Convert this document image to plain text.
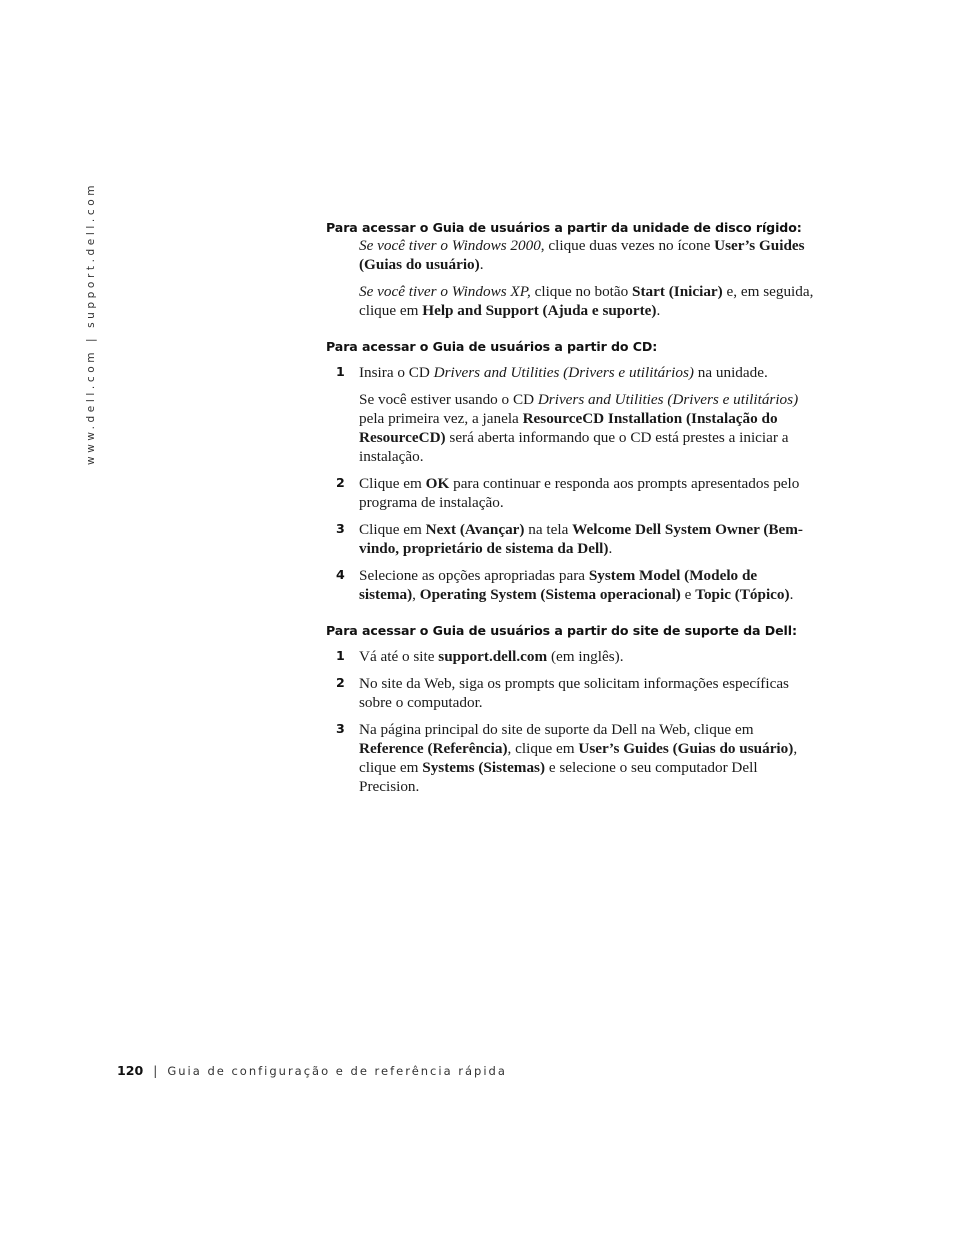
www.dell.com | support.dell.com	Para acessar o Guia de usuários a partir da unidade de disco rígido:

Se você tiver o Windows 2000, clique duas vezes no ícone User’s Guides (Guias do usuário).

Se você tiver o Windows XP, clique no botão Start (Iniciar) e, em seguida, clique em Help and Support (Ajuda e suporte).

Para acessar o Guia de usuários a partir do CD:
1 Insira o CD Drivers and Utilities (Drivers e utilitários) na unidade.

Se você estiver usando o CD Drivers and Utilities (Drivers e utilitários) pela primeira vez, a janela ResourceCD Installation (Instalação do ResourceCD) será aberta informando que o CD está prestes a iniciar a instalação.

2 Clique em OK para continuar e responda aos prompts apresentados pelo programa de instalação.

3 Clique em Next (Avançar) na tela Welcome Dell System Owner (Bem-vindo, proprietário de sistema da Dell).

4 Selecione as opções apropriadas para System Model (Modelo de sistema), Operating System (Sistema operacional) e Topic (Tópico).

Para acessar o Guia de usuários a partir do site de suporte da Dell:
1 Vá até o site support.dell.com (em inglês).

2 No site da Web, siga os prompts que solicitam informações específicas sobre o computador.

3 Na página principal do site de suporte da Dell na Web, clique em Reference (Referência), clique em User’s Guides (Guias do usuário), clique em Systems (Sistemas) e selecione o seu computador Dell Precision.

120 | Guia de configuração e de referência rápida
